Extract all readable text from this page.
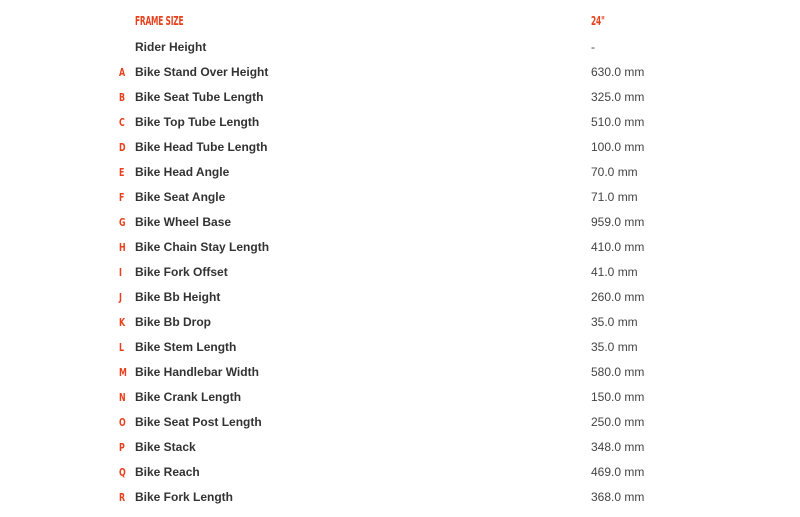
FRAME SIZE	24"
Rider Height	-
A Bike Stand Over Height	630.0 mm
B Bike Seat Tube Length	325.0 mm
C Bike Top Tube Length	510.0 mm
D Bike Head Tube Length	100.0 mm
E Bike Head Angle	70.0 mm
F Bike Seat Angle	71.0 mm
G Bike Wheel Base	959.0 mm
H Bike Chain Stay Length	410.0 mm
I	Bike Fork Offset	41.0 mm
J	Bike Bb Height	260.0 mm
K Bike Bb Drop	35.0 mm
L Bike Stem Length	35.0 mm
M Bike Handlebar Width	580.0 mm
N Bike Crank Length	150.0 mm
O Bike Seat Post Length	250.0 mm
P Bike Stack	348.0 mm
Q Bike Reach	469.0 mm
R Bike Fork Length	368.0 mm
